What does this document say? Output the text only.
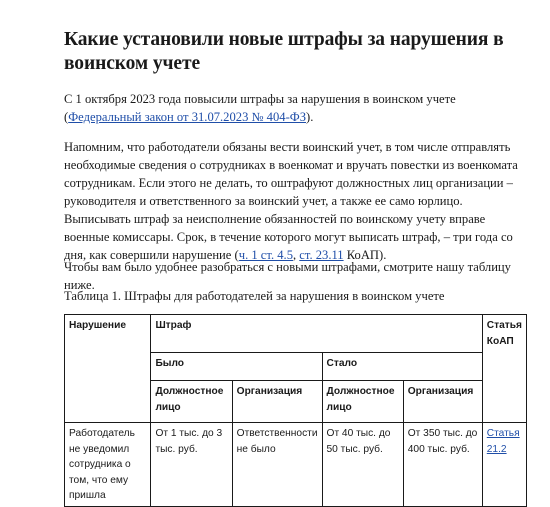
Какие установили новые штрафы за нарушения в воинском учете

С 1 октября 2023 года повысили штрафы за нарушения в воинском учете (Федеральный закон от 31.07.2023 № 404-ФЗ).

Напомним, что работодатели обязаны вести воинский учет, в том числе отправлять необходимые сведения о сотрудниках в военкомат и вручать повестки из военкомата сотрудникам. Если этого не делать, то оштрафуют должностных лиц организации – руководителя и ответственного за воинский учет, а также ее само юрлицо. Выписывать штраф за неисполнение обязанностей по воинскому учету вправе военные комиссары. Срок, в течение которого могут выписать штраф, – три года со дня, как совершили нарушение (ч. 1 ст. 4.5, ст. 23.11 КоАП).

Чтобы вам было удобнее разобраться с новыми штрафами, смотрите нашу таблицу ниже.

Таблица 1. Штрафы для работодателей за нарушения в воинском учете

Нарушение	Штраф				Статья КоАП
	Было		Стало		
	Должностное лицо	Организация	Должностное лицо	Организация	
Работодатель не уведомил сотрудника о том, что ему пришла	От 1 тыс. до 3 тыс. руб.	Ответственности не было	От 40 тыс. до 50 тыс. руб.	От 350 тыс. до 400 тыс. руб.	Статья 21.2
